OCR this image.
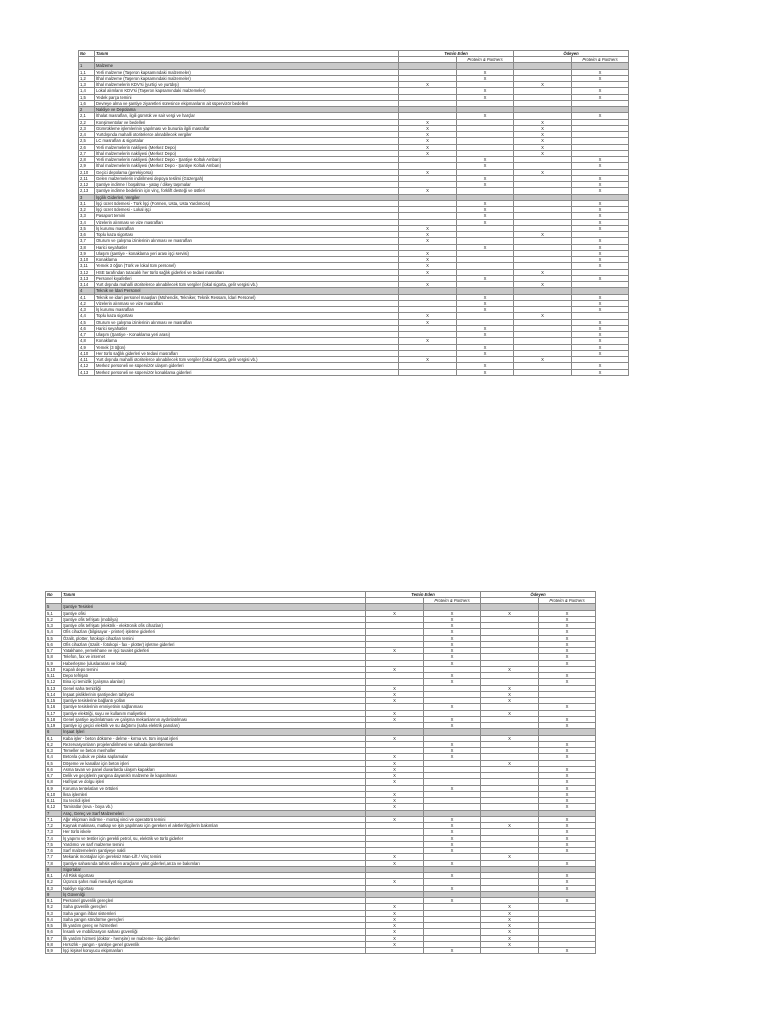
No	Tanım	Temin Eden		Ödeyen	
			Proteim & Partners		Proteim & Partners
1	Malzeme				
1,1	Yerli malzeme (Taşeron kapsamındaki malzemeler)		X		X
1,2	İthal malzeme (Taşeron kapsamındaki malzemeler)		X		X
1,3	İthal malzemelerin KDV'si (yurtiçi ve yurtdışı)	X		X	
1,4	Lokal alımların KDV'si (Taşeron kapsamındaki malzemeler)		X		X
1,5	Yedek parça temini		X		X
1,6	Devreye alma ve şantiye ziyaretleri süresince ekipmanların ait süpervizör bedelleri				
2	Nakliye ve Depolama				
2,1	İthalat masrafları, ilgili gümrük ve sair vergi ve harçlar		X		X
2,2	Konşimentolar ve bedelleri	X		X	
2,3	Gümrükleme işlemlerinin yapılması ve bununla ilgili masraflar	X		X	
2,4	Yurtdışında mahalli otoritelerce alınabilecek vergiler	X		X	
2,5	LC masrafları & sigortalar	X		X	
2,6	Yerli malzemelerin nakliyesi (Merkez Depo)	X		X	
2,7	İthal malzemelerin nakliyesi (Merkez Depo)	X		X	
2,8	Yerli malzemelerin nakliyesi (Merkez Depo - Şantiye Koltuk Ambarı)		X		X
2,9	İthal malzemelerin nakliyesi (Merkez Depo - Şantiye Koltuk Ambarı)		X		X
2,10	Geçici depolama (gerekiyorsa)	X		X	
2,11	Gelen malzemelerin indirilmesi depoya teslimi (Güzergah)		X		X
2,12	Şantiye indirme / boşaltma - yatay / dikey taşımalar		X		X
2,13	Şantiye indirme bedelinin için vinç, forklift desteği ve üstleri	X			X
3	İşçilik Giderleri, Vergiler				
3,1	İşçi ücret ödemesi - Türk İşçi (Formen, Usta, Usta Yardımcısı)		X		X
3,2	İşçi ücret ödemesi - Lokal işçi		X		X
3,3	Pasaport temini		X		X
3,4	Vizelerin alınması ve vize masrafları		X		X
3,5	İş kurumu masrafları	X			X
3,6	Toplu kaza sigortası	X		X	
3,7	Oturum ve çalışma izinlerinin alınması ve masrafları	X			X
3,8	Harici seyahatler		X		X
3,9	Ulaşım (şantiye - konaklama yeri arası işçi servisi)	X			X
3,10	Konaklama	X			X
3,11	Yemek 3 öğün (Türk ve lokal tüm personel)	X			X
3,12	HSE tarafından tutacaklı her türlü sağlık giderleri ve tedavi masrafları	X		X	
3,13	Personel kıyafetleri		X		X
3,14	Yurt dışında mahalli otoritelerce alınabilecek tüm vergiler (lokal sigorta, gelir vergisi vb.)	X		X	
4	Teknik ve İdari Personel				
4,1	Teknik ve idari personel maaşları (Mühendis, Tekniker, Teknik Ressam, İdari Personel)		X		X
4,2	Vizelerin alınması ve vize masrafları		X		X
4,3	İş kurumu masrafları		X		X
4,4	Toplu kaza sigortası	X		X	
4,5	Oturum ve çalışma izinlerinin alınması ve masrafları	X			X
4,6	Harici seyahatler		X		X
4,7	Ulaşım (Şantiye - Konaklama yeri arası)		X		X
4,8	Konaklama	X			X
4,9	Yemek (3 öğün)		X		X
4,10	Her türlü sağlık giderleri ve tedavi masrafları		X		X
4,11	Yurt dışında mahalli otoritelerce alınabilecek tüm vergiler (lokal sigorta, gelir vergisi vb.)	X		X	
4,12	Merkez personeli ve süpervizör ulaşım giderleri		X		X
4,13	Merkez personeli ve süpervizör konaklama giderleri		X		X
No	Tanım	Temin Eden		Ödeyen	
			Proteim & Partners		Proteim & Partners
5	Şantiye Tesisleri				
5,1	Şantiye ofisi	X	X	X	X
5,2	Şantiye ofis tefrişatı (mobilya)		X		X
5,3	Şantiye ofis tefrişatı (elektrik - elektronik ofis cihazları)		X		X
5,4	Ofis cihazları (bilgisayar - printer) işletme giderleri		X		X
5,5	Özalit, plotter, fotokopi cihazları temini		X		X
5,6	Ofis cihazları (özalit - fotokopi - fax - plotter) işletme giderleri		X		X
5,7	Yatakhane, yemekhane ve işçi tuvalet giderleri	X	X		X
5,8	Telefon, fax ve internet		X		X
5,9	Haberleşme (uluslararası ve lokal)		X		X
5,10	Kapalı depo temini	X		X	
5,11	Depo tefrişatı		X		X
5,12	Bina içi temizlik (çalışma alanları)		X		X
5,13	Genel saha temizliği	X		X	
5,14	İnşaat pisliklerinin şantiyeden tahliyesi	X		X	
5,15	Şantiye tesislerine bağlantı yolları	X		X	
5,16	Şantiye tesislerinin emniyetinin sağlanması		X		X
5,17	Şantiye elektriği, suyu ve kullanım maliyetleri	X		X	
5,18	Genel şantiye aydınlatması ve çalışma mekanlarının aydınlatılması	X	X		X
5,19	Şantiye içi geçici elektrik ve su dağıtımı (saha elektrik panoları)		X		X
6	İnşaat İşleri				
6,1	Kaba işler - beton döküme - delme - kırma vs. tüm inşaat işleri	X		X	
6,2	Rezervasyonların projelendirilmesi ve sahada işaretlenmesi		X		X
6,3	Temeller ve beton menholler		X		X
6,4	Betonla çubuk ve plaka saplamalar	X	X		X
6,5	Döşeme ve kanallar için beton işleri	X		X	
6,6	Asma tavan ve panel duvarlarda ulaşım kapakları	X			X
6,7	Delik ve geçişlerin yangına dayanıklı malzeme ile kapatılması	X			X
6,8	Hafriyat ve dolgu işleri	X			X
6,9	Koruma tentelatları ve örtüleri		X		X
6,10	İksa işlemleri	X			X
6,11	Su tecridi işleri	X			X
6,12	Tamiratlar (sıva - boya vb.)	X			X
7	Araç, Gereç ve Sarf Malzemeleri				
7,1	Ağır ekipman indirme - montaj vinci ve operatörü temini	X	X		X
7,2	Kaynak makinası, matkap ve işin yapılması için gereken el aletleri/işçilerin bakımları		X	X	X
7,3	Her türlü iskele		X		X
7,4	İş yapımı ve testler için gerekli petrol, su, elektrik ve türlü giderler		X		X
7,5	Yardımcı ve sarf malzeme temini		X		X
7,6	Sarf malzemelerin şantiyeye nakli		X		X
7,7	Mekanik montajlar için gereksiz Man-Lift / Vinç temini	X		X	
7,8	Şantiye sahasında tahsis edilen araçların yakıt giderleri,arıza ve bakımları	X	X		X
8	Sigortalar				
8,1	All Risk sigortası		X		X
8,2	Üçüncü şahıs mali mesuliyet sigortası	X			X
8,3	Nakliye sigortası		X		X
9	İş Güvenliği				
9,1	Personel güvenlik gereçleri		X		X
9,2	Saha güvenlik gereçleri	X		X	
9,3	Saha yangın ihbar sistemleri	X		X	
9,4	Saha yangın söndürme gereçleri	X		X	
9,5	İlk yardım gereç ve hizmetleri	X		X	
9,6	İnsanlı ve mobilizasyon sahası güvenliği	X		X	
9,7	İlk yardım hizmeti (doktor - hemşire) ve malzeme - ilaç giderleri	X		X	
9,8	Hırsızlık - yangın - şantiye genel güvenlik	X		X	
9,9	İşçi kişisel koruyucu ekipmanları		X		X
